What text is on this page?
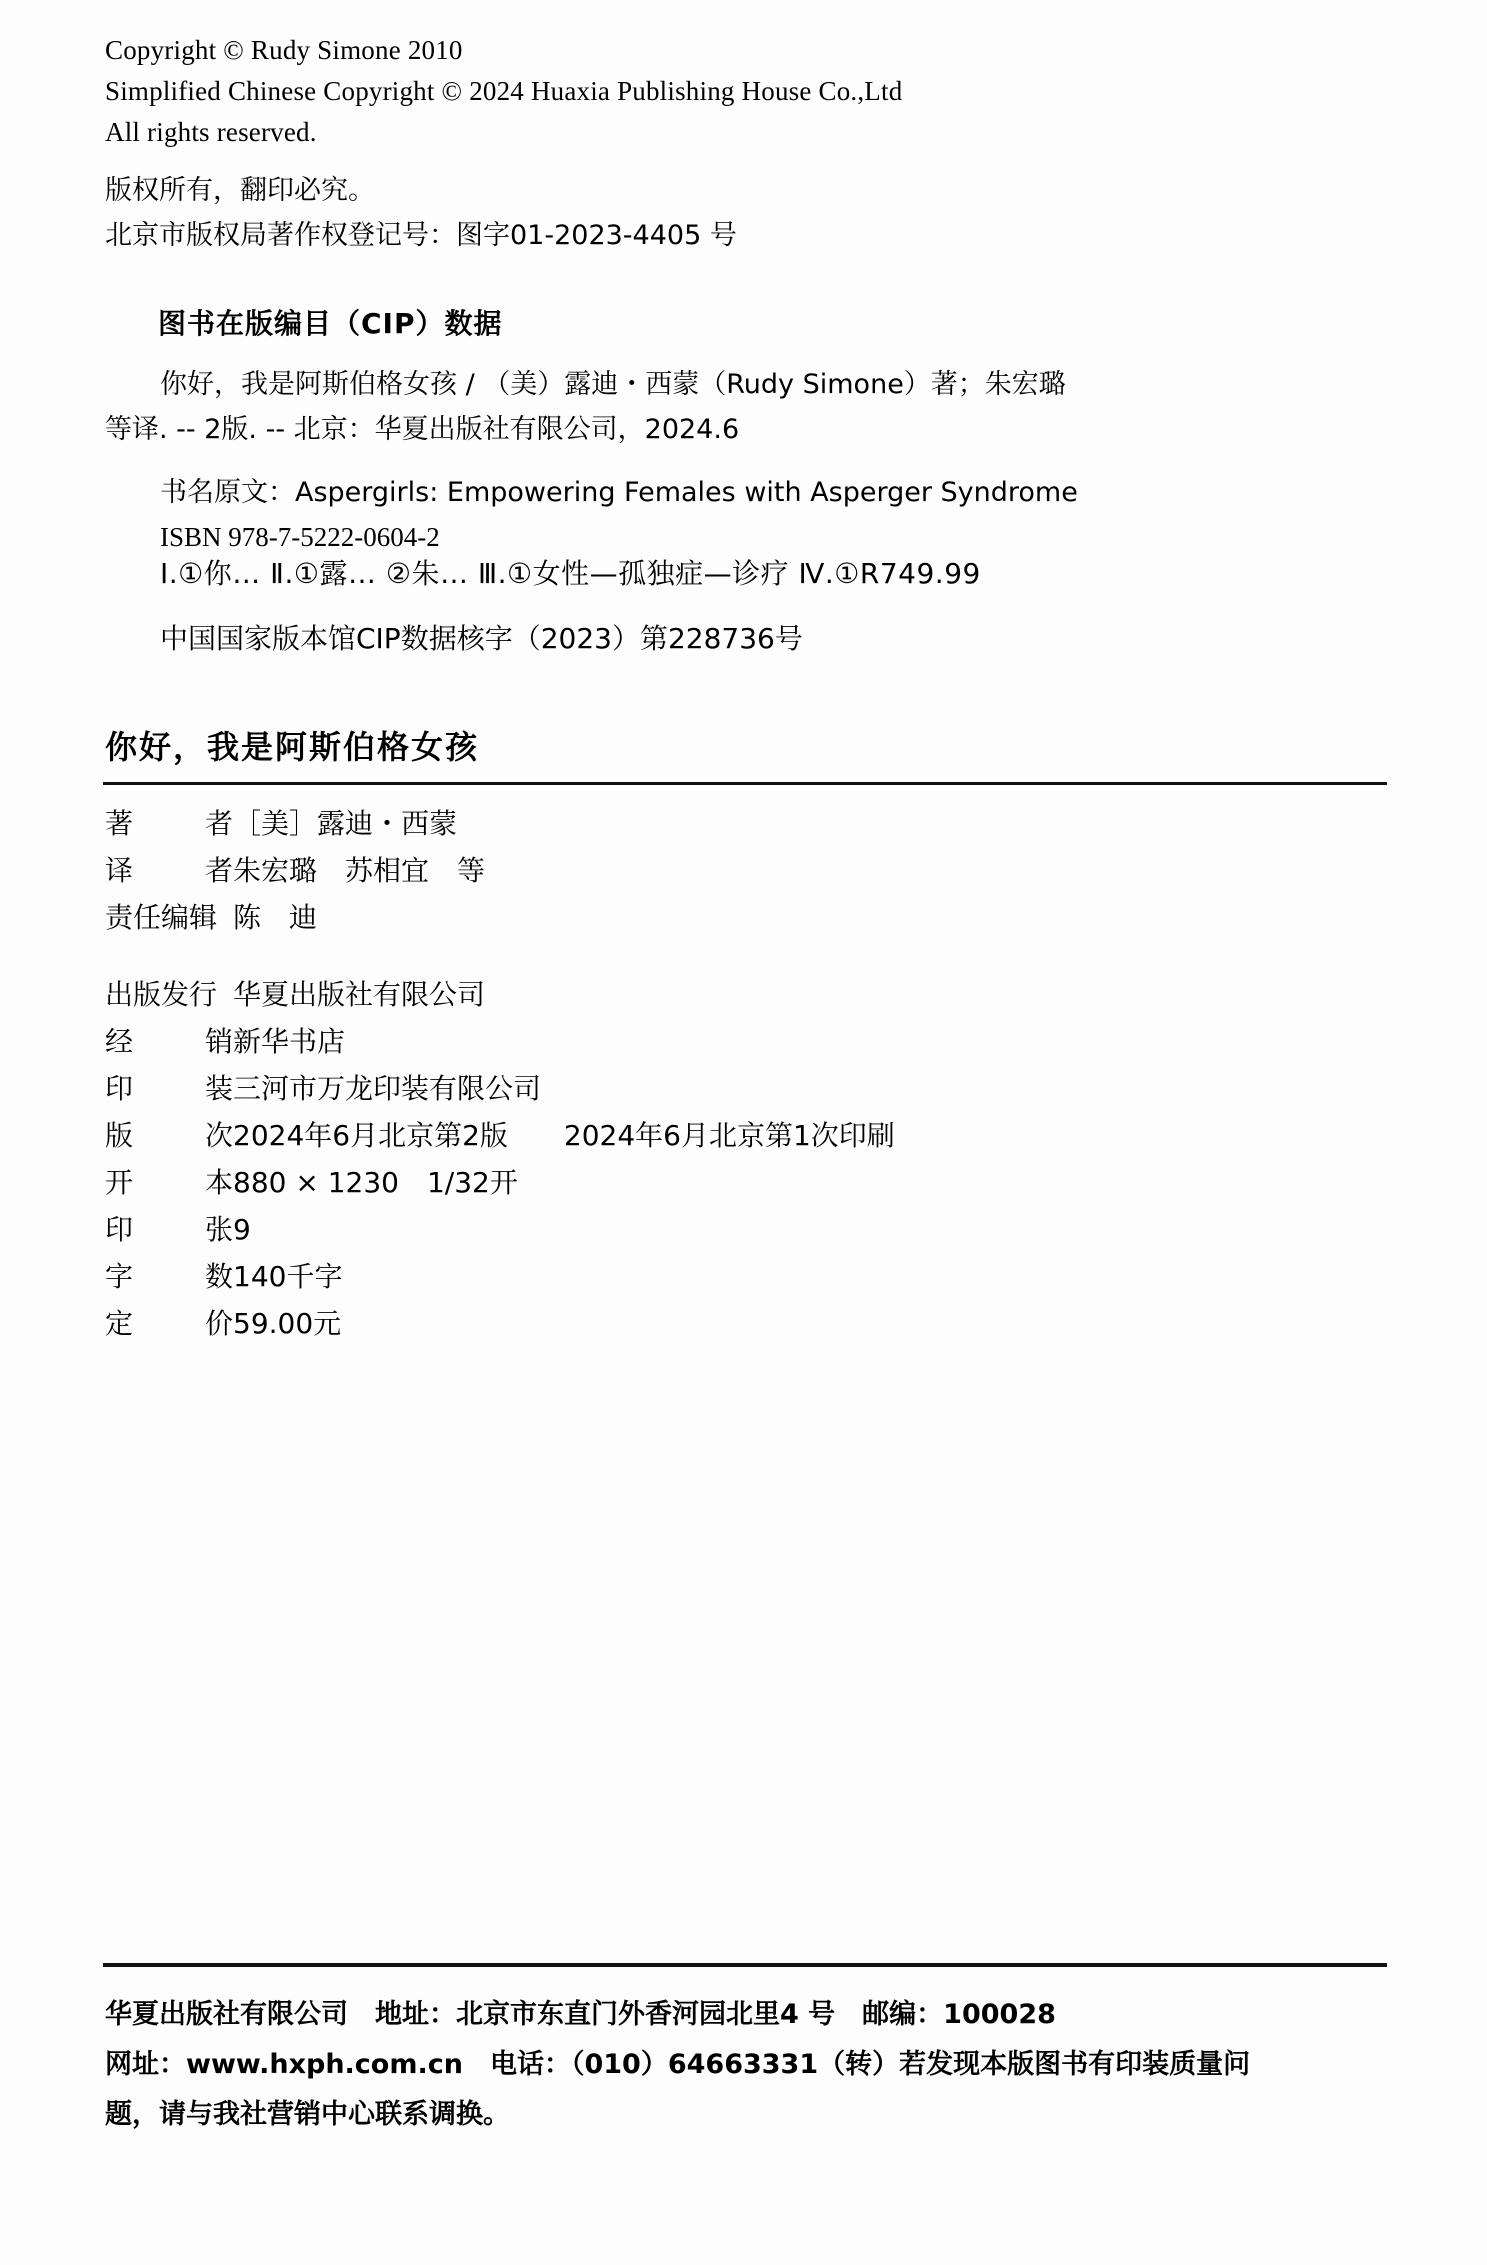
Copyright © Rudy Simone 2010
Simplified Chinese Copyright © 2024 Huaxia Publishing House Co.,Ltd
All rights reserved.
版权所有，翻印必究。
北京市版权局著作权登记号：图字01-2023-4405 号
图书在版编目（CIP）数据
你好，我是阿斯伯格女孩 / （美）露迪・西蒙（Rudy Simone）著；朱宏璐
等译. -- 2版. -- 北京：华夏出版社有限公司，2024.6
书名原文：Aspergirls: Empowering Females with Asperger Syndrome
ISBN 978-7-5222-0604-2
Ⅰ.①你… Ⅱ.①露… ②朱… Ⅲ.①女性—孤独症—诊疗 Ⅳ.①R749.99
中国国家版本馆CIP数据核字（2023）第228736号
你好，我是阿斯伯格女孩
著	者 ［美］露迪・西蒙
译	者 朱宏璐　苏相宜　等
责任编辑 陈　迪
出版发行 华夏出版社有限公司
经	销 新华书店
印	装 三河市万龙印装有限公司
版	次 2024年6月北京第2版　　2024年6月北京第1次印刷
开	本 880 × 1230　1/32开
印	张 9
字	数 140千字
定	价 59.00元
华夏出版社有限公司　地址：北京市东直门外香河园北里4 号　邮编：100028
网址：www.hxph.com.cn　电话：（010）64663331（转）若发现本版图书有印装质量问
题，请与我社营销中心联系调换。
